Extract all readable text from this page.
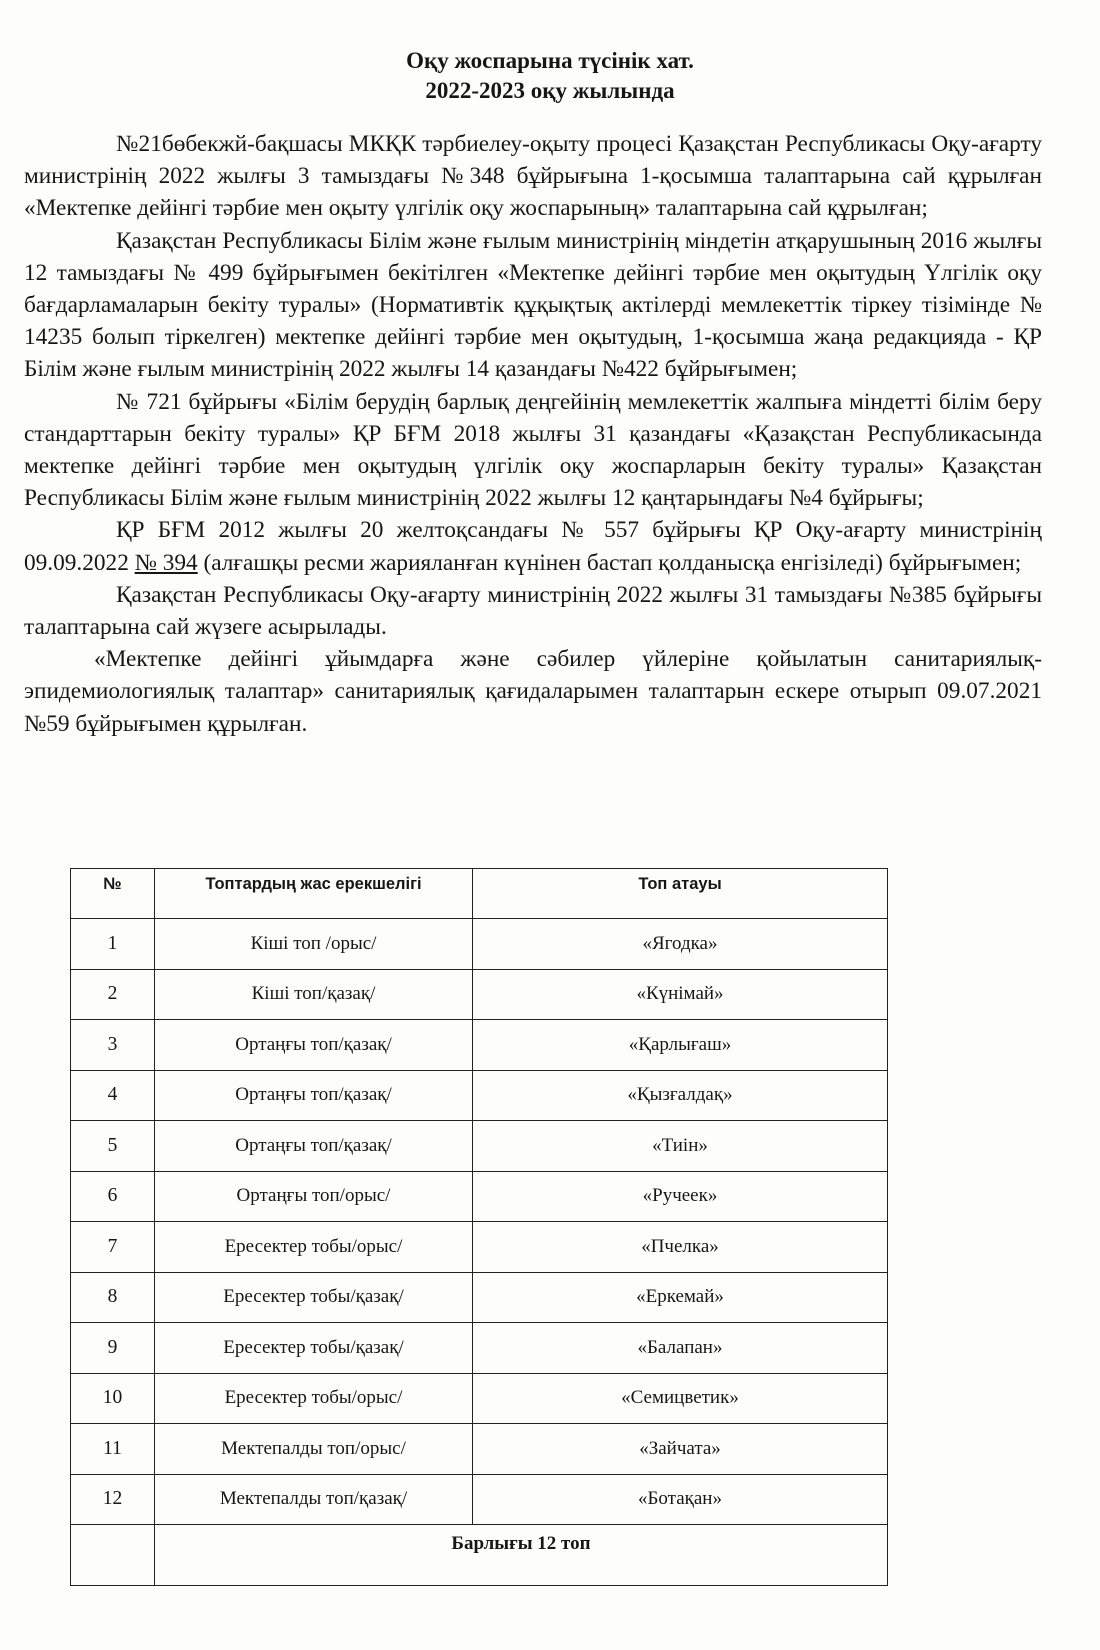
Оқу жоспарына түсінік хат.
2022-2023 оқу жылында

№21бөбекжй-бақшасы МКҚК тәрбиелеу-оқыту процесі Қазақстан Республикасы Оқу-ағарту министрінің 2022 жылғы 3 тамыздағы №348 бұйрығына 1-қосымша талаптарына сай құрылған «Мектепке дейінгі тәрбие мен оқыту үлгілік оқу жоспарының» талаптарына сай құрылған;

Қазақстан Республикасы Білім және ғылым министрінің міндетін атқарушының 2016 жылғы 12 тамыздағы № 499 бұйрығымен бекітілген «Мектепке дейінгі тәрбие мен оқытудың Үлгілік оқу бағдарламаларын бекіту туралы» (Нормативтік құқықтық актілерді мемлекеттік тіркеу тізімінде № 14235 болып тіркелген) мектепке дейінгі тәрбие мен оқытудың, 1-қосымша жаңа редакцияда - ҚР Білім және ғылым министрінің 2022 жылғы 14 қазандағы №422 бұйрығымен;

№ 721 бұйрығы «Білім берудің барлық деңгейінің мемлекеттік жалпыға міндетті білім беру стандарттарын бекіту туралы» ҚР БҒМ 2018 жылғы 31 қазандағы «Қазақстан Республикасында мектепке дейінгі тәрбие мен оқытудың үлгілік оқу жоспарларын бекіту туралы» Қазақстан Республикасы Білім және ғылым министрінің 2022 жылғы 12 қаңтарындағы №4 бұйрығы;

ҚР БҒМ 2012 жылғы 20 желтоқсандағы № 557 бұйрығы ҚР Оқу-ағарту министрінің 09.09.2022 № 394 (алғашқы ресми жарияланған күнінен бастап қолданысқа енгізіледі) бұйрығымен;

Қазақстан Республикасы Оқу-ағарту министрінің 2022 жылғы 31 тамыздағы №385 бұйрығы талаптарына сай жүзеге асырылады.

«Мектепке дейінгі ұйымдарға және сәбилер үйлеріне қойылатын санитариялық-эпидемиологиялық талаптар» санитариялық қағидаларымен талаптарын ескере отырып 09.07.2021 №59 бұйрығымен құрылған.

№	Топтардың жас ерекшелігі	Топ атауы
1	Кіші топ /орыс/	«Ягодка»
2	Кіші топ/қазақ/	«Күнімай»
3	Ортаңғы топ/қазақ/	«Қарлығаш»
4	Ортаңғы топ/қазақ/	«Қызғалдақ»
5	Ортаңғы топ/қазақ/	«Тиін»
6	Ортаңғы топ/орыс/	«Ручеек»
7	Ересектер тобы/орыс/	«Пчелка»
8	Ересектер тобы/қазақ/	«Еркемай»
9	Ересектер тобы/қазақ/	«Балапан»
10	Ересектер тобы/орыс/	«Семицветик»
11	Мектепалды топ/орыс/	«Зайчата»
12	Мектепалды топ/қазақ/	«Ботақан»
	Барлығы 12 топ	
